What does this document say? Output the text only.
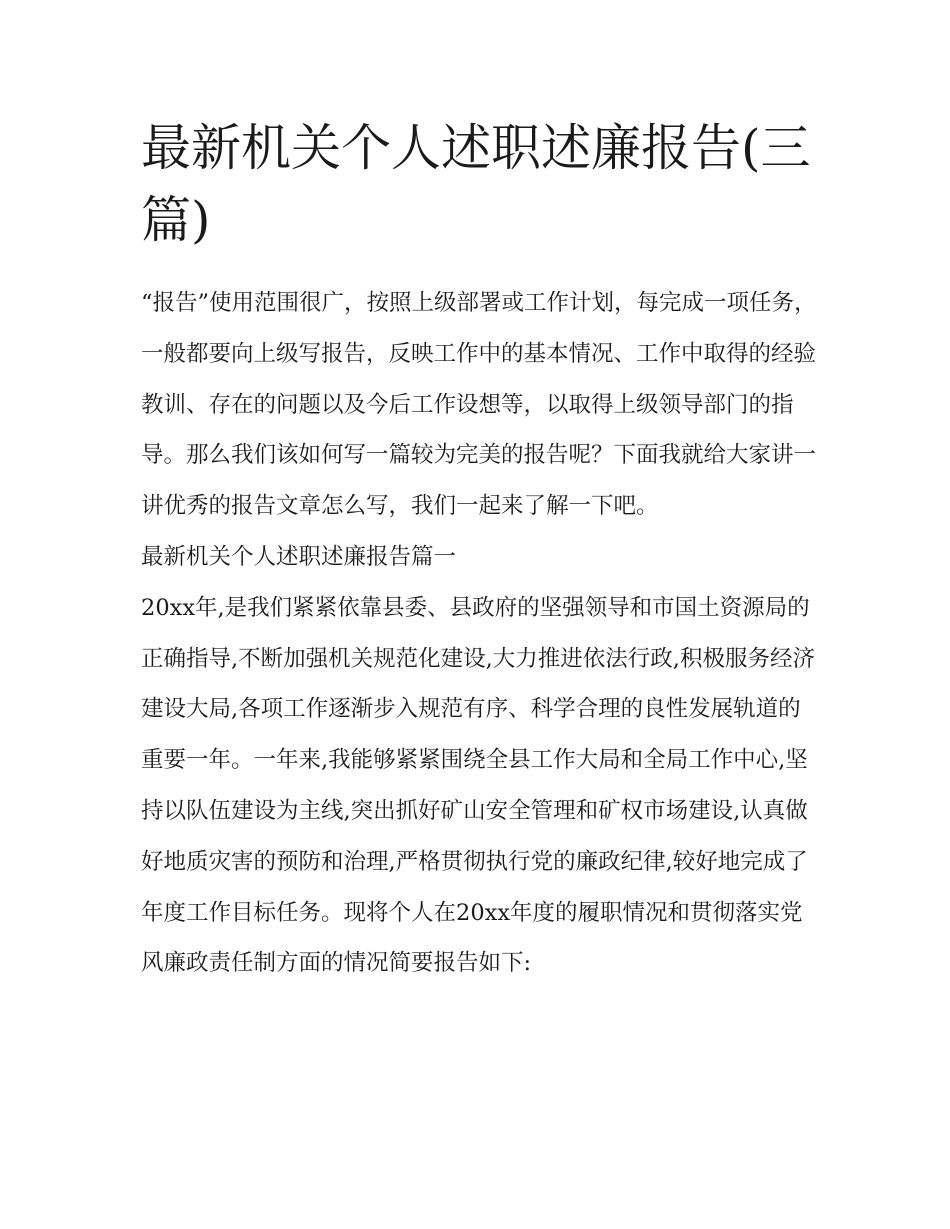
最新机关个人述职述廉报告(三篇)

“报告”使用范围很广，按照上级部署或工作计划，每完成一项任务，一般都要向上级写报告，反映工作中的基本情况、工作中取得的经验教训、存在的问题以及今后工作设想等，以取得上级领导部门的指导。那么我们该如何写一篇较为完美的报告呢？下面我就给大家讲一讲优秀的报告文章怎么写，我们一起来了解一下吧。

最新机关个人述职述廉报告篇一

20xx年,是我们紧紧依靠县委、县政府的坚强领导和市国土资源局的正确指导,不断加强机关规范化建设,大力推进依法行政,积极服务经济建设大局,各项工作逐渐步入规范有序、科学合理的良性发展轨道的重要一年。一年来,我能够紧紧围绕全县工作大局和全局工作中心,坚持以队伍建设为主线,突出抓好矿山安全管理和矿权市场建设,认真做好地质灾害的预防和治理,严格贯彻执行党的廉政纪律,较好地完成了年度工作目标任务。现将个人在20xx年度的履职情况和贯彻落实党风廉政责任制方面的情况简要报告如下:
